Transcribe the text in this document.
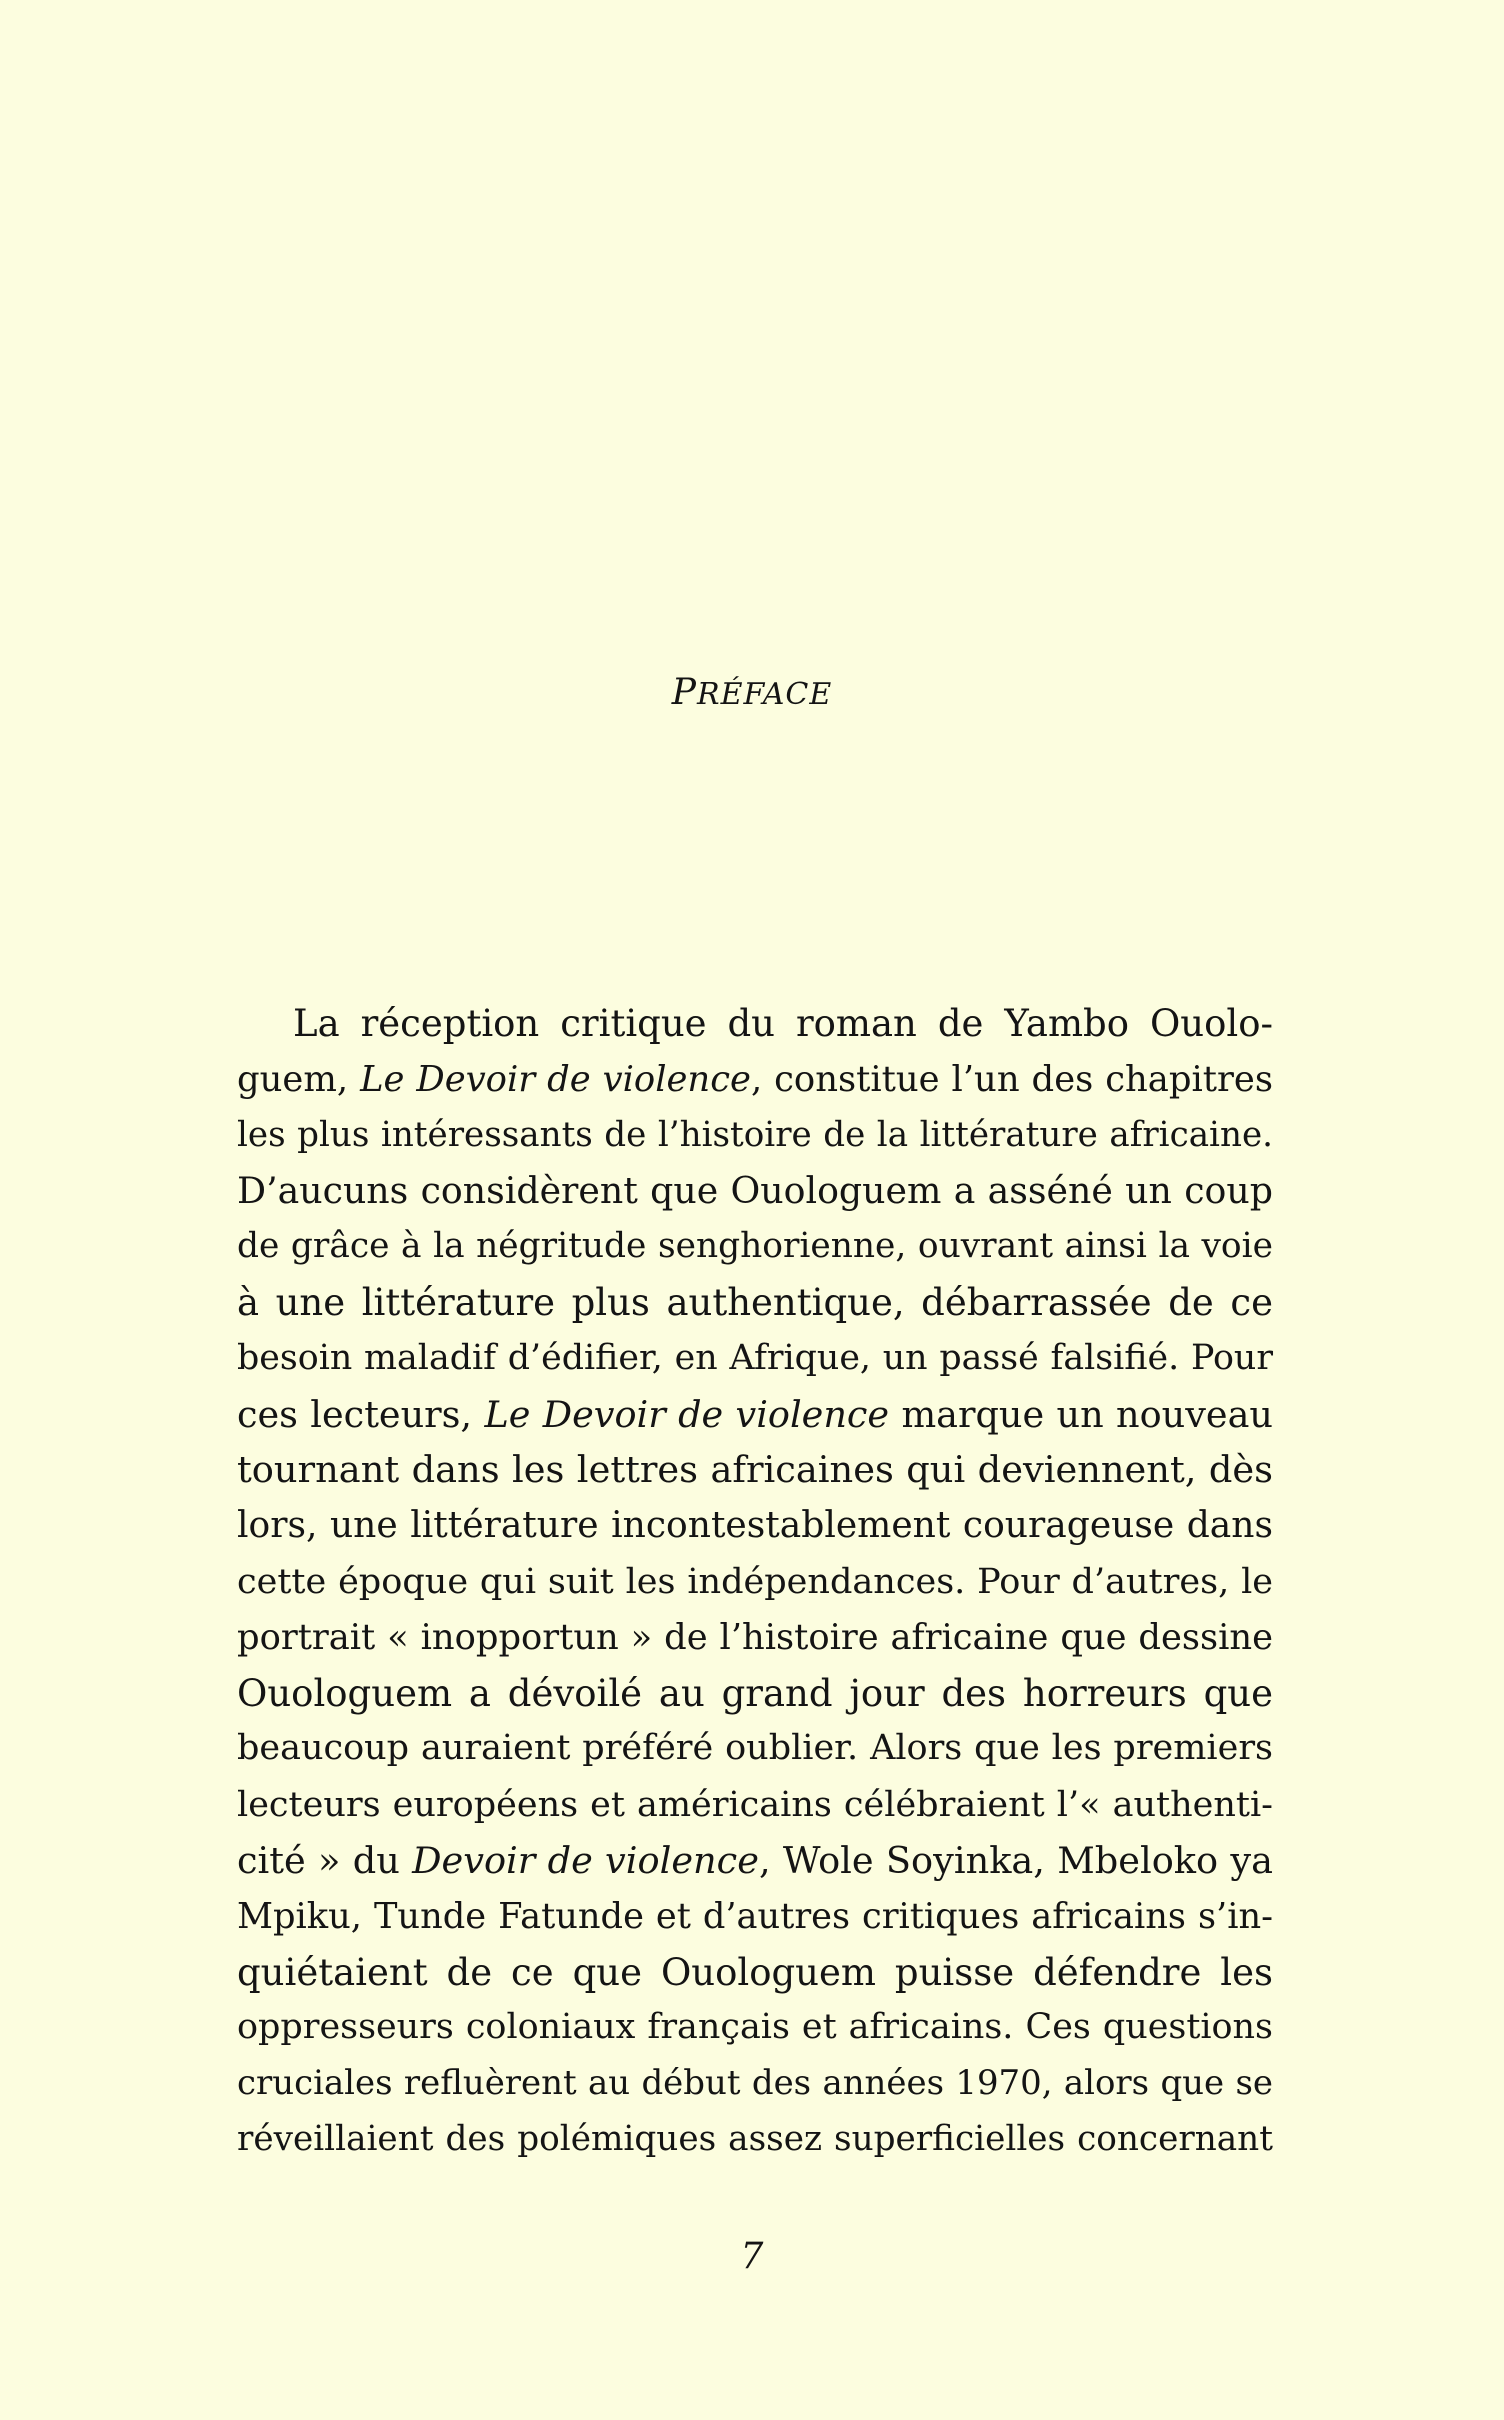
PRÉFACE
La réception critique du roman de Yambo Ouolo-
guem, Le Devoir de violence, constitue l’un des chapitres
les plus intéressants de l’histoire de la littérature africaine.
D’aucuns considèrent que Ouologuem a asséné un coup
de grâce à la négritude senghorienne, ouvrant ainsi la voie
à une littérature plus authentique, débarrassée de ce
besoin maladif d’édifier, en Afrique, un passé falsifié. Pour
ces lecteurs, Le Devoir de violence marque un nouveau
tournant dans les lettres africaines qui deviennent, dès
lors, une littérature incontestablement courageuse dans
cette époque qui suit les indépendances. Pour d’autres, le
portrait « inopportun » de l’histoire africaine que dessine
Ouologuem a dévoilé au grand jour des horreurs que
beaucoup auraient préféré oublier. Alors que les premiers
lecteurs européens et américains célébraient l’« authenti-
cité » du Devoir de violence, Wole Soyinka, Mbeloko ya
Mpiku, Tunde Fatunde et d’autres critiques africains s’in-
quiétaient de ce que Ouologuem puisse défendre les
oppresseurs coloniaux français et africains. Ces questions
cruciales refluèrent au début des années 1970, alors que se
réveillaient des polémiques assez superficielles concernant

7
